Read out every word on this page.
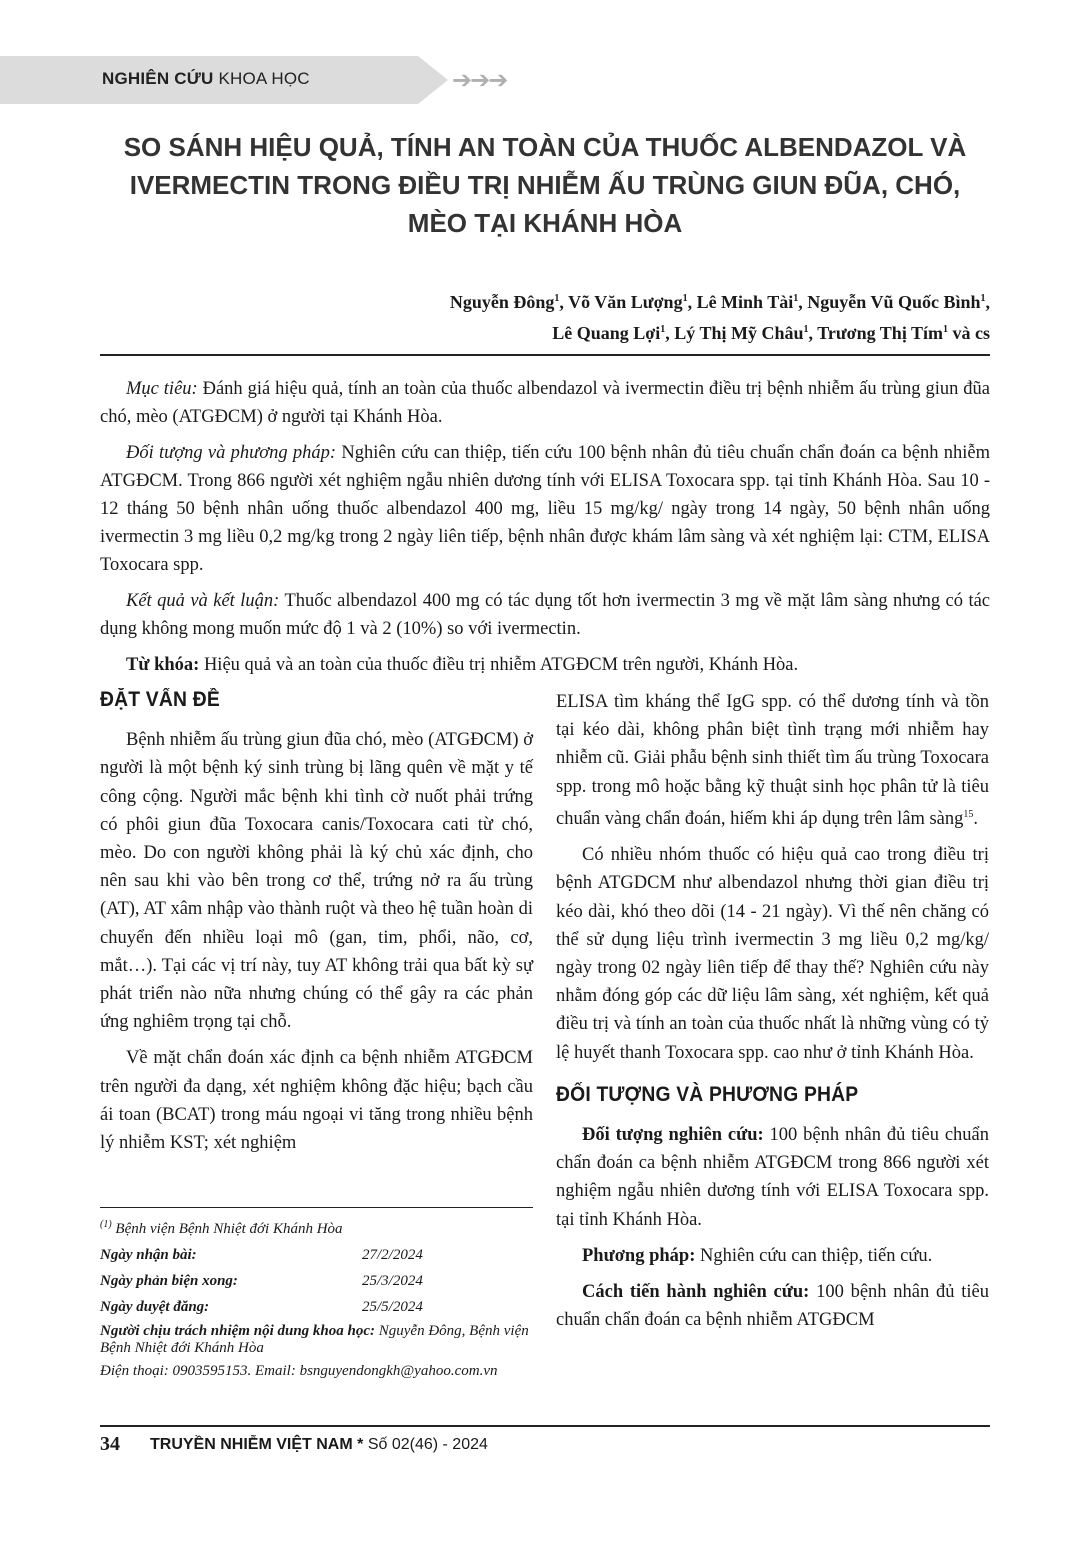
NGHIÊN CỨU KHOA HỌC	➔➔➔
SO SÁNH HIỆU QUẢ, TÍNH AN TOÀN CỦA THUỐC ALBENDAZOL VÀ IVERMECTIN TRONG ĐIỀU TRỊ NHIỄM ẤU TRÙNG GIUN ĐŨA, CHÓ, MÈO TẠI KHÁNH HÒA
Nguyễn Đông$^1$, Võ Văn Lượng$^1$, Lê Minh Tài$^1$, Nguyễn Vũ Quốc Bình$^1$,
Lê Quang Lợi$^1$, Lý Thị Mỹ Châu$^1$, Trương Thị Tím$^1$ và cs

Mục tiêu: Đánh giá hiệu quả, tính an toàn của thuốc albendazol và ivermectin điều trị bệnh nhiễm ấu trùng giun đũa chó, mèo (ATGĐCM) ở người tại Khánh Hòa.

Đối tượng và phương pháp: Nghiên cứu can thiệp, tiến cứu 100 bệnh nhân đủ tiêu chuẩn chẩn đoán ca bệnh nhiễm ATGĐCM. Trong 866 người xét nghiệm ngẫu nhiên dương tính với ELISA Toxocara spp. tại tỉnh Khánh Hòa. Sau 10 - 12 tháng 50 bệnh nhân uống thuốc albendazol 400 mg, liều 15 mg/kg/ ngày trong 14 ngày, 50 bệnh nhân uống ivermectin 3 mg liều 0,2 mg/kg trong 2 ngày liên tiếp, bệnh nhân được khám lâm sàng và xét nghiệm lại: CTM, ELISA Toxocara spp.

Kết quả và kết luận: Thuốc albendazol 400 mg có tác dụng tốt hơn ivermectin 3 mg về mặt lâm sàng nhưng có tác dụng không mong muốn mức độ 1 và 2 (10%) so với ivermectin.

Từ khóa: Hiệu quả và an toàn của thuốc điều trị nhiễm ATGĐCM trên người, Khánh Hòa.

ĐẶT VẤN ĐỀ

Bệnh nhiễm ấu trùng giun đũa chó, mèo (ATGĐCM) ở người là một bệnh ký sinh trùng bị lãng quên về mặt y tế công cộng. Người mắc bệnh khi tình cờ nuốt phải trứng có phôi giun đũa Toxocara canis/Toxocara cati từ chó, mèo. Do con người không phải là ký chủ xác định, cho nên sau khi vào bên trong cơ thể, trứng nở ra ấu trùng (AT), AT xâm nhập vào thành ruột và theo hệ tuần hoàn di chuyển đến nhiều loại mô (gan, tim, phổi, não, cơ, mắt…). Tại các vị trí này, tuy AT không trải qua bất kỳ sự phát triển nào nữa nhưng chúng có thể gây ra các phản ứng nghiêm trọng tại chỗ.

Về mặt chẩn đoán xác định ca bệnh nhiễm ATGĐCM trên người đa dạng, xét nghiệm không đặc hiệu; bạch cầu ái toan (BCAT) trong máu ngoại vi tăng trong nhiều bệnh lý nhiễm KST; xét nghiệm

$^{(1)}$ Bệnh viện Bệnh Nhiệt đới Khánh Hòa
Ngày nhận bài:	27/2/2024
Ngày phản biện xong:	25/3/2024
Ngày duyệt đăng:	25/5/2024
Người chịu trách nhiệm nội dung khoa học: Nguyễn Đông, Bệnh viện Bệnh Nhiệt đới Khánh Hòa
Điện thoại: 0903595153. Email: bsnguyendongkh@yahoo.com.vn

ELISA tìm kháng thể IgG spp. có thể dương tính và tồn tại kéo dài, không phân biệt tình trạng mới nhiễm hay nhiễm cũ. Giải phẫu bệnh sinh thiết tìm ấu trùng Toxocara spp. trong mô hoặc bằng kỹ thuật sinh học phân tử là tiêu chuẩn vàng chẩn đoán, hiếm khi áp dụng trên lâm sàng$^{15}$.

Có nhiều nhóm thuốc có hiệu quả cao trong điều trị bệnh ATGDCM như albendazol nhưng thời gian điều trị kéo dài, khó theo dõi (14 - 21 ngày). Vì thế nên chăng có thể sử dụng liệu trình ivermectin 3 mg liều 0,2 mg/kg/ ngày trong 02 ngày liên tiếp để thay thế? Nghiên cứu này nhằm đóng góp các dữ liệu lâm sàng, xét nghiệm, kết quả điều trị và tính an toàn của thuốc nhất là những vùng có tỷ lệ huyết thanh Toxocara spp. cao như ở tỉnh Khánh Hòa.

ĐỐI TƯỢNG VÀ PHƯƠNG PHÁP

Đối tượng nghiên cứu: 100 bệnh nhân đủ tiêu chuẩn chẩn đoán ca bệnh nhiễm ATGĐCM trong 866 người xét nghiệm ngẫu nhiên dương tính với ELISA Toxocara spp. tại tỉnh Khánh Hòa.

Phương pháp: Nghiên cứu can thiệp, tiến cứu.

Cách tiến hành nghiên cứu: 100 bệnh nhân đủ tiêu chuẩn chẩn đoán ca bệnh nhiễm ATGĐCM

34 TRUYỀN NHIỄM VIỆT NAM * Số 02(46) - 2024
